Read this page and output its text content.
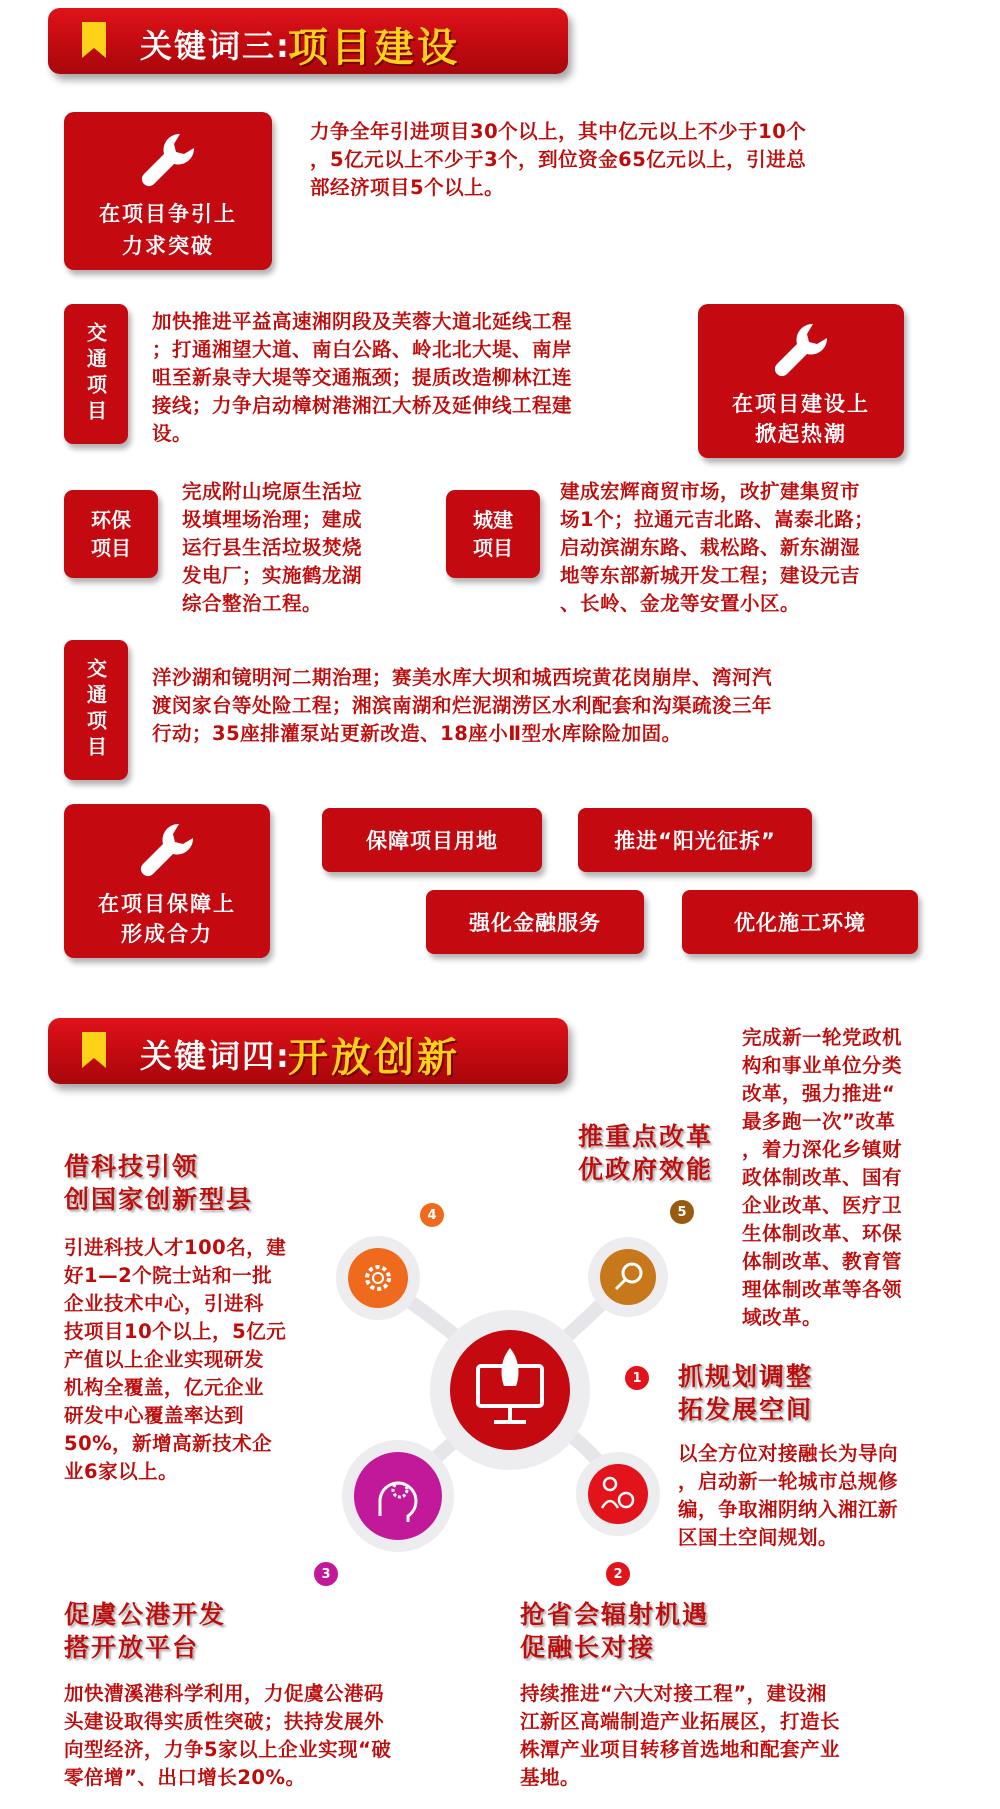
关键词三:
项目建设
在项目争引上
力求突破
力争全年引进项目30个以上，其中亿元以上不少于10个
，5亿元以上不少于3个，到位资金65亿元以上，引进总
部经济项目5个以上。
交通项目
加快推进平益高速湘阴段及芙蓉大道北延线工程
；打通湘望大道、南白公路、岭北北大堤、南岸
咀至新泉寺大堤等交通瓶颈；提质改造柳林江连
接线；力争启动樟树港湘江大桥及延伸线工程建
设。
在项目建设上
掀起热潮
环保
项目
完成附山垸原生活垃
圾填埋场治理；建成
运行县生活垃圾焚烧
发电厂；实施鹤龙湖
综合整治工程。
城建
项目
建成宏辉商贸市场，改扩建集贸市
场1个；拉通元吉北路、嵩泰北路；
启动滨湖东路、栽松路、新东湖湿
地等东部新城开发工程；建设元吉
、长岭、金龙等安置小区。
交通项目 洋沙湖和镜明河二期治理；赛美水库大坝和城西垸黄花岗崩岸、湾河汽
渡闵家台等处险工程；湘滨南湖和烂泥湖涝区水利配套和沟渠疏浚三年
行动；35座排灌泵站更新改造、18座小Ⅱ型水库除险加固。
在项目保障上
形成合力
保障项目用地	推进“阳光征拆”
强化金融服务	优化施工环境
关键词四:
开放创新
4	5
1
3	2
借科技引领
创国家创新型县
引进科技人才100名，建
好1—2个院士站和一批
企业技术中心，引进科
技项目10个以上，5亿元
产值以上企业实现研发
机构全覆盖，亿元企业
研发中心覆盖率达到
50%，新增高新技术企
业6家以上。
推重点改革
优政府效能
完成新一轮党政机
构和事业单位分类
改革，强力推进“
最多跑一次”改革
，着力深化乡镇财
政体制改革、国有
企业改革、医疗卫
生体制改革、环保
体制改革、教育管
理体制改革等各领
域改革。
抓规划调整
拓发展空间
以全方位对接融长为导向
，启动新一轮城市总规修
编，争取湘阴纳入湘江新
区国土空间规划。
促虞公港开发
搭开放平台
加快漕溪港科学利用，力促虞公港码
头建设取得实质性突破；扶持发展外
向型经济，力争5家以上企业实现“破
零倍增”、出口增长20%。
抢省会辐射机遇
促融长对接
持续推进“六大对接工程”，建设湘
江新区高端制造产业拓展区，打造长
株潭产业项目转移首选地和配套产业
基地。
